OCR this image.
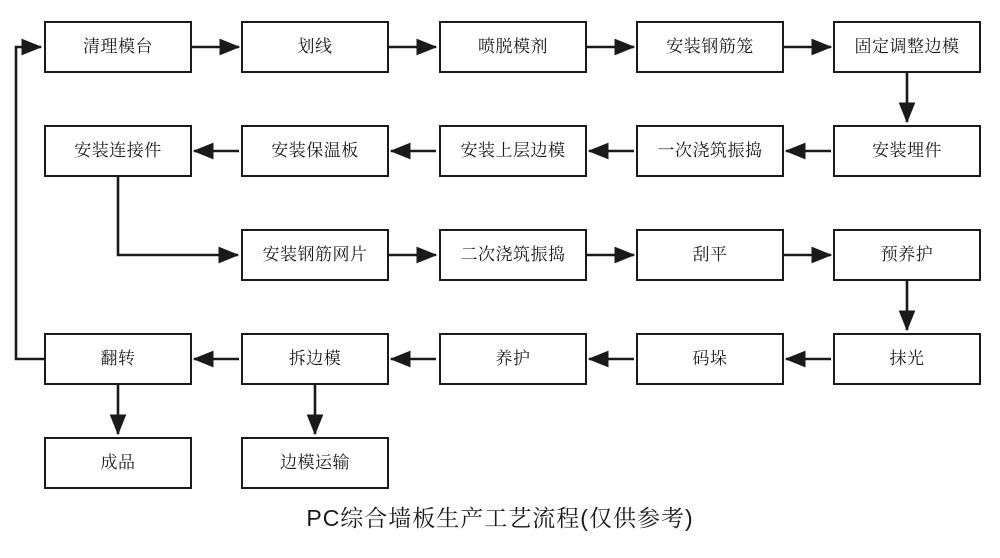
清理模台	划线	喷脱模剂	安装钢筋笼	固定调整边模
安装埋件
一次浇筑振捣
安装上层边模
安装保温板
安装连接件
安装钢筋网片	二次浇筑振捣	刮平	预养护
抹光
码垛
养护
拆边模
翻转
边模运输
成品
PC综合墙板生产工艺流程(仅供参考)
